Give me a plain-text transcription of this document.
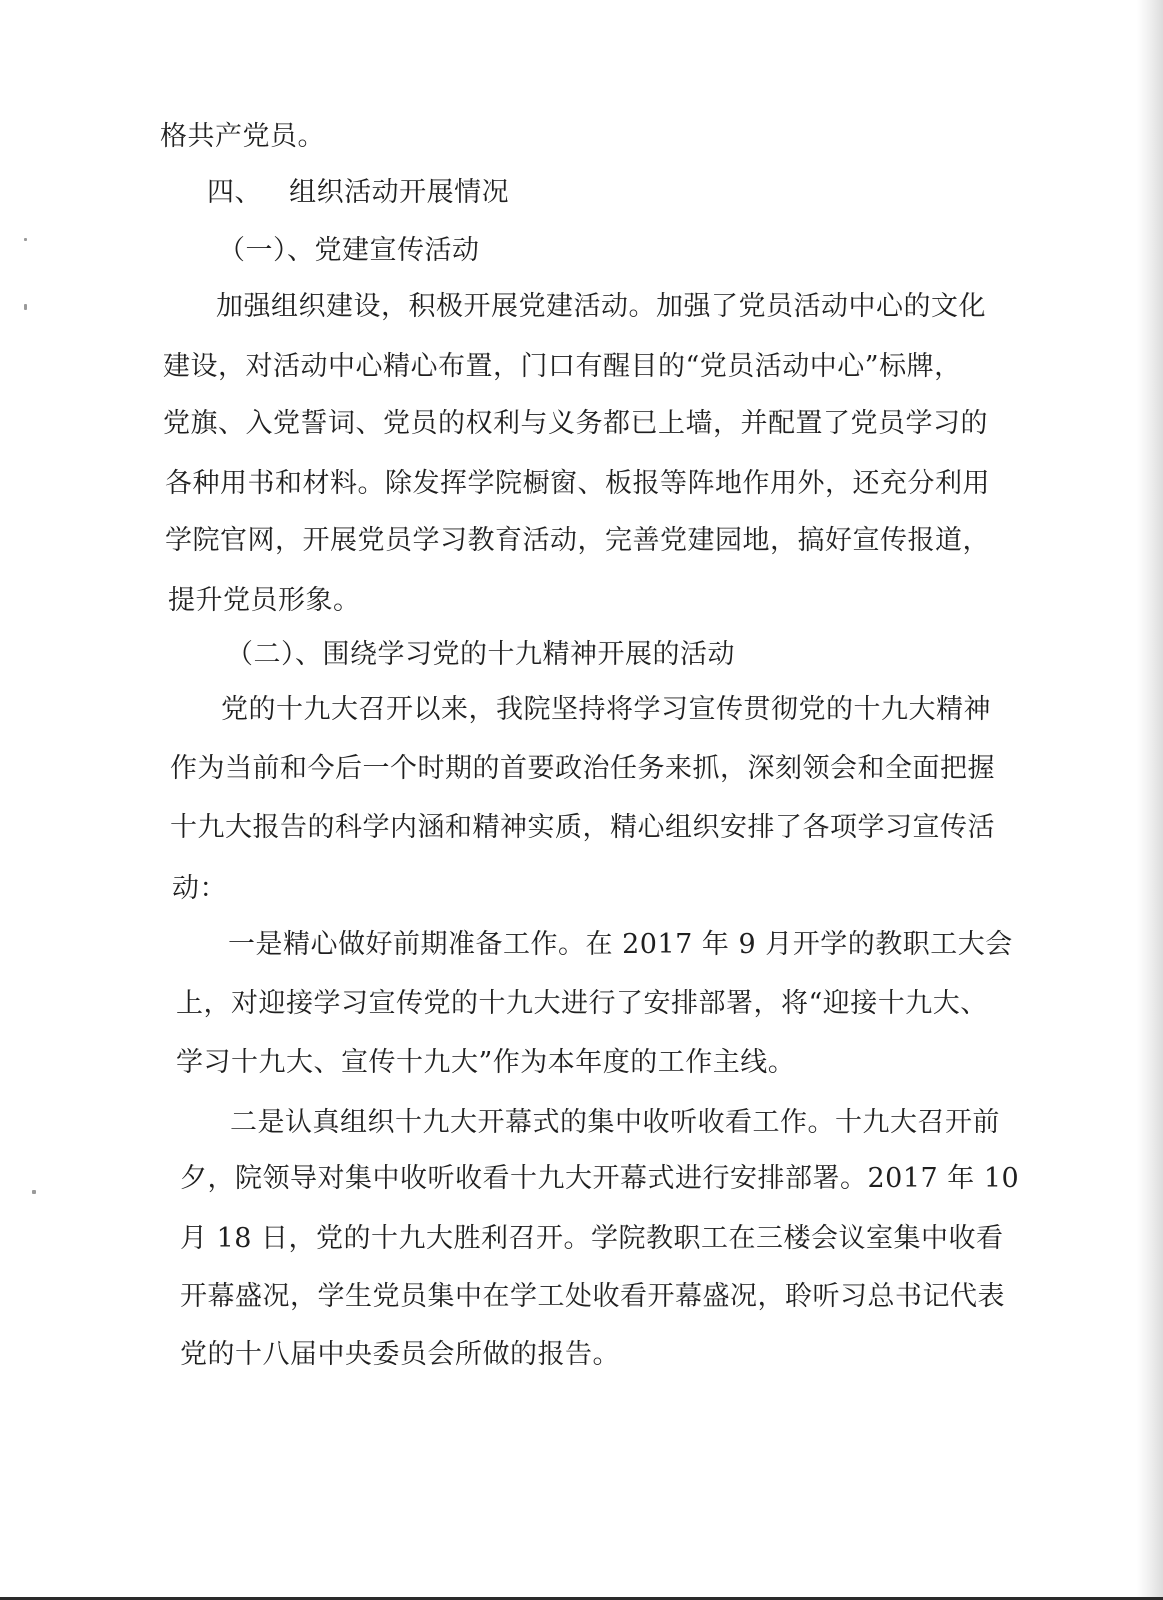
格共产党员。
四、 组织活动开展情况
（一）、党建宣传活动
加强组织建设，积极开展党建活动。加强了党员活动中心的文化
建设，对活动中心精心布置，门口有醒目的“党员活动中心”标牌，
党旗、入党誓词、党员的权利与义务都已上墙，并配置了党员学习的
各种用书和材料。除发挥学院橱窗、板报等阵地作用外，还充分利用
学院官网，开展党员学习教育活动，完善党建园地，搞好宣传报道，
提升党员形象。
（二）、围绕学习党的十九精神开展的活动
党的十九大召开以来，我院坚持将学习宣传贯彻党的十九大精神
作为当前和今后一个时期的首要政治任务来抓，深刻领会和全面把握
十九大报告的科学内涵和精神实质，精心组织安排了各项学习宣传活
动：
一是精心做好前期准备工作。在 2017 年 9 月开学的教职工大会
上，对迎接学习宣传党的十九大进行了安排部署，将“迎接十九大、
学习十九大、宣传十九大”作为本年度的工作主线。
二是认真组织十九大开幕式的集中收听收看工作。十九大召开前
夕，院领导对集中收听收看十九大开幕式进行安排部署。2017 年 10
月 18 日，党的十九大胜利召开。学院教职工在三楼会议室集中收看
开幕盛况，学生党员集中在学工处收看开幕盛况，聆听习总书记代表
党的十八届中央委员会所做的报告。
